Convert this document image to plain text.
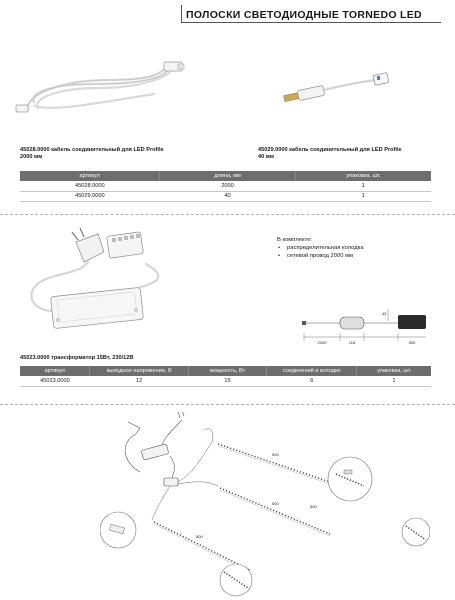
ПОЛОСКИ СВЕТОДИОДНЫЕ TORNEDO LED
45028.0000 кабель соединительный для LED Profile
2000 мм
45029.0000 кабель соединительный для LED Profile
40 мм
артикул	длина, мм	упаковка, шт.
45028.0000	2000	1
45029.0000	40	1
В комплекте:
• распределительная колодка
• сетевой провод 2000 мм
2000	116	500
43
45023.0000 трансформатор 15Вт, 230/12В
артикул	выходное напряжение, В	мощность, Вт	соединений в колодке	упаковка, шт.
45023.0000	12	15	6	1
500
500
500
500
